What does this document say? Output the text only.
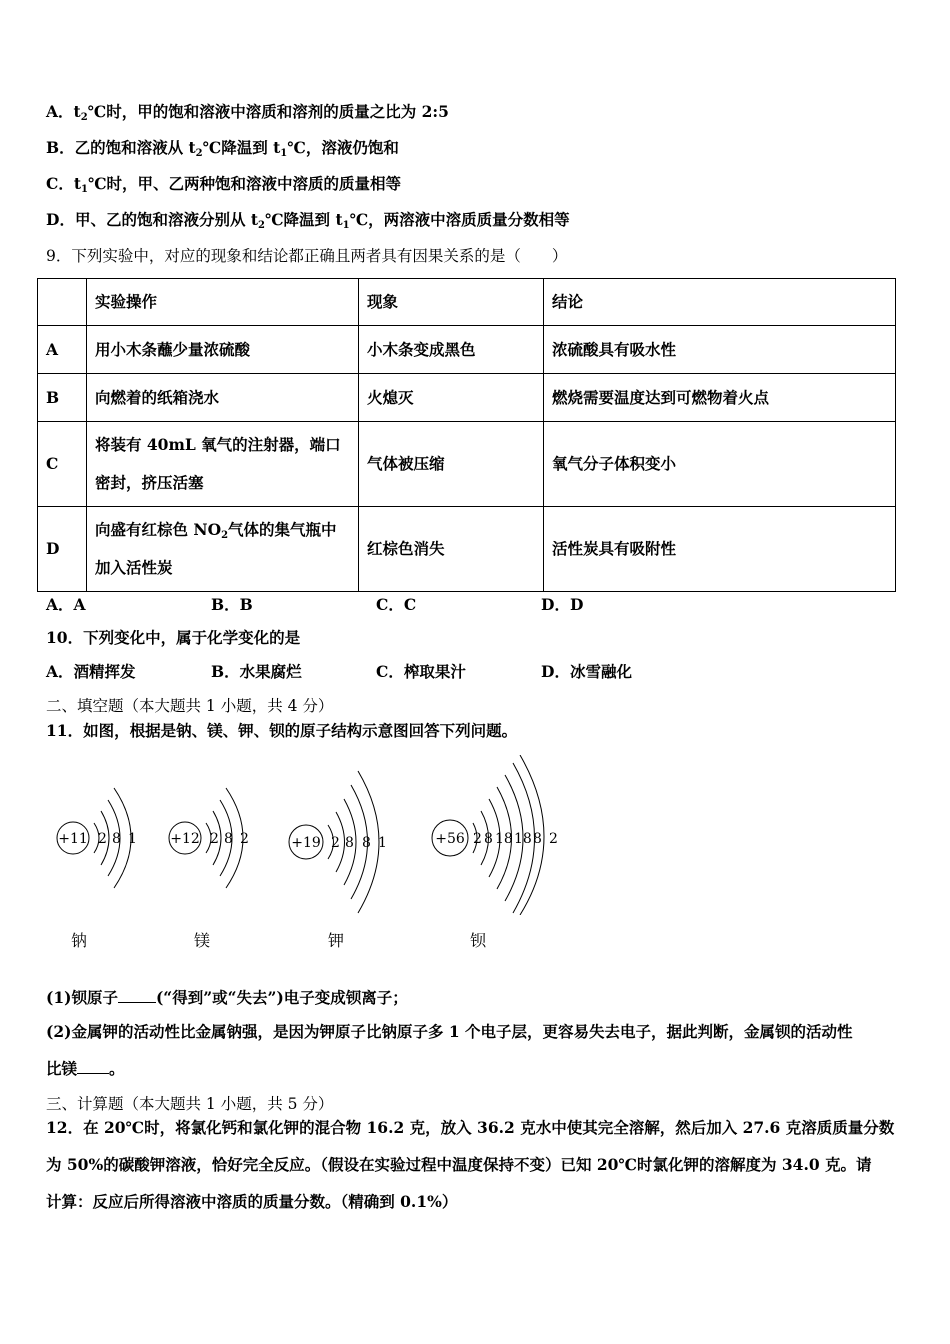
A．$t_2℃$时，甲的饱和溶液中溶质和溶剂的质量之比为 2:5
B．乙的饱和溶液从 $t_2℃$降温到 $t_1℃$，溶液仍饱和
C．$t_1℃$时，甲、乙两种饱和溶液中溶质的质量相等
D．甲、乙的饱和溶液分别从 $t_2℃$降温到 $t_1℃$，两溶液中溶质质量分数相等
9．下列实验中，对应的现象和结论都正确且两者具有因果关系的是（　　）
	实验操作	现象	结论
A	用小木条蘸少量浓硫酸	小木条变成黑色	浓硫酸具有吸水性
B	向燃着的纸箱浇水	火熄灭	燃烧需要温度达到可燃物着火点
C	将装有 40mL 氧气的注射器，端口
密封，挤压活塞	气体被压缩	氧气分子体积变小
D	向盛有红棕色 $NO_2$气体的集气瓶中
加入活性炭	红棕色消失	活性炭具有吸附性
A．A	B．B	C．C	D．D
10．下列变化中，属于化学变化的是
A．酒精挥发	B．水果腐烂	C．榨取果汁	D．冰雪融化
二、填空题（本大题共 1 小题，共 4 分）
11．如图，根据是钠、镁、钾、钡的原子结构示意图回答下列问题。
+11 2 8 1 +12 2 8 2	+19 2 8 8 1	+56 2 8 18 18 8 2
钠	镁	钾	钡
(1)钡原子 (“得到”或“失去”)电子变成钡离子；
(2)金属钾的活动性比金属钠强，是因为钾原子比钠原子多 1 个电子层，更容易失去电子，据此判断，金属钡的活动性
比镁 。
三、计算题（本大题共 1 小题，共 5 分）
12．在 20℃时，将氯化钙和氯化钾的混合物 16.2 克，放入 36.2 克水中使其完全溶解，然后加入 27.6 克溶质质量分数
为 50%的碳酸钾溶液，恰好完全反应。（假设在实验过程中温度保持不变）已知 20℃时氯化钾的溶解度为 34.0 克。请
计算：反应后所得溶液中溶质的质量分数。（精确到 0.1%）
